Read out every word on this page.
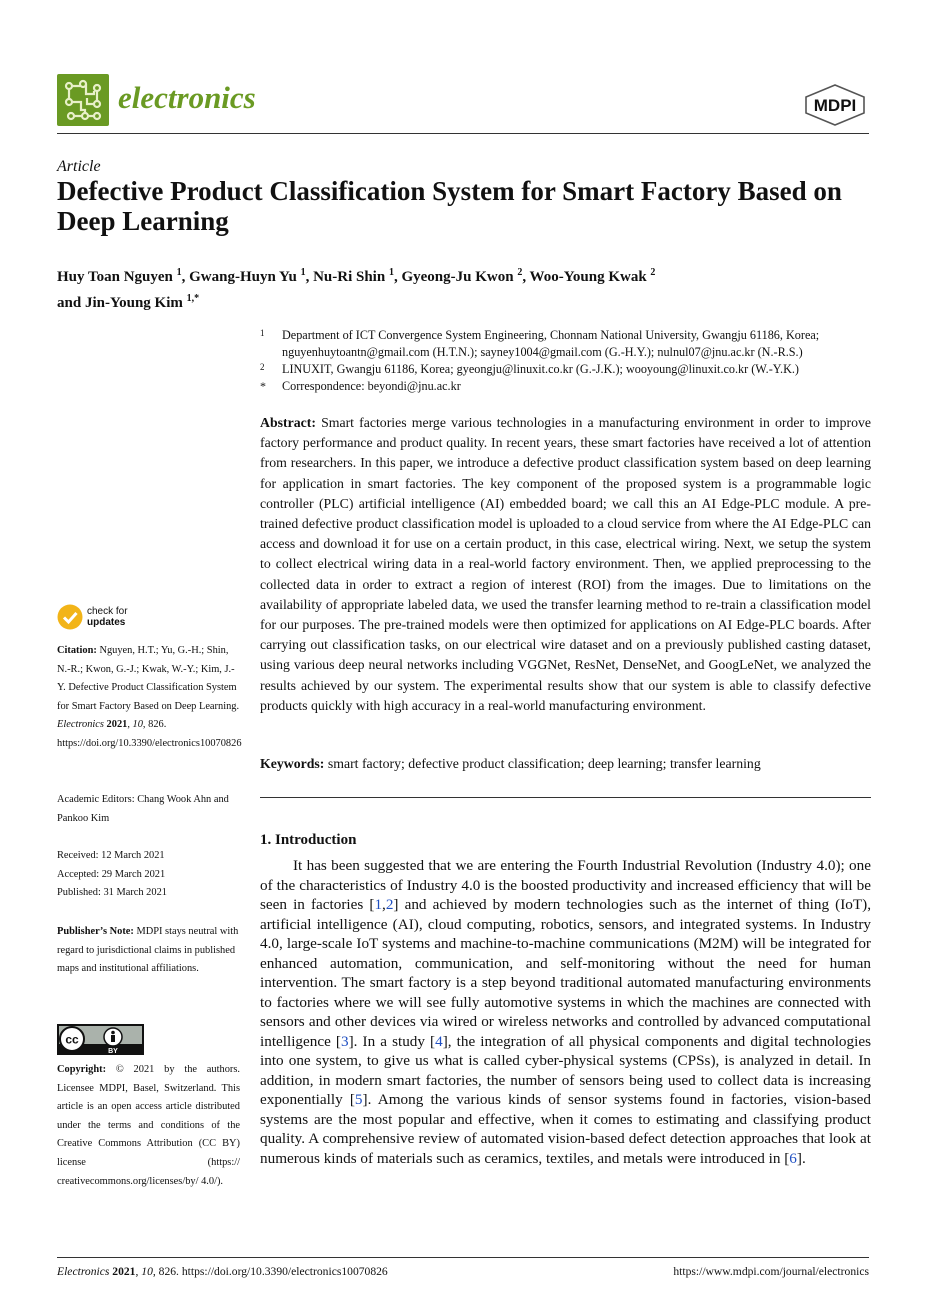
electronics	MDPI
Article
Defective Product Classification System for Smart Factory Based on Deep Learning
Huy Toan Nguyen $^1$, Gwang-Huyn Yu $^1$, Nu-Ri Shin $^1$, Gyeong-Ju Kwon $^2$, Woo-Young Kwak $^2$
and Jin-Young Kim $^{1,*}$
1 Department of ICT Convergence System Engineering, Chonnam National University, Gwangju 61186, Korea; nguyenhuytoantn@gmail.com (H.T.N.); sayney1004@gmail.com (G.-H.Y.); nulnul07@jnu.ac.kr (N.-R.S.)
2 LINUXIT, Gwangju 61186, Korea; gyeongju@linuxit.co.kr (G.-J.K.); wooyoung@linuxit.co.kr (W.-Y.K.)
* Correspondence: beyondi@jnu.ac.kr
Abstract: Smart factories merge various technologies in a manufacturing environment in order to improve factory performance and product quality. In recent years, these smart factories have received a lot of attention from researchers. In this paper, we introduce a defective product classification system based on deep learning for application in smart factories. The key component of the proposed system is a programmable logic controller (PLC) artificial intelligence (AI) embedded board; we call this an AI Edge-PLC module. A pre-trained defective product classification model is uploaded to a cloud service from where the AI Edge-PLC can access and download it for use on a certain product, in this case, electrical wiring. Next, we setup the system to collect electrical wiring data in a real-world factory environment. Then, we applied preprocessing to the collected data in order to extract a region of interest (ROI) from the images. Due to limitations on the availability of appropriate labeled data, we used the transfer learning method to re-train a classification model for our purposes. The pre-trained models were then optimized for applications on AI Edge-PLC boards. After carrying out classification tasks, on our electrical wire dataset and on a previously published casting dataset, using various deep neural networks including VGGNet, ResNet, DenseNet, and GoogLeNet, we analyzed the results achieved by our system. The experimental results show that our system is able to classify defective products quickly with high accuracy in a real-world manufacturing environment.
Keywords: smart factory; defective product classification; deep learning; transfer learning
1. Introduction
It has been suggested that we are entering the Fourth Industrial Revolution (Industry 4.0); one of the characteristics of Industry 4.0 is the boosted productivity and increased efficiency that will be seen in factories [1,2] and achieved by modern technologies such as the internet of thing (IoT), artificial intelligence (AI), cloud computing, robotics, sensors, and integrated systems. In Industry 4.0, large-scale IoT systems and machine-to-machine communications (M2M) will be integrated for enhanced automation, communication, and self-monitoring without the need for human intervention. The smart factory is a step beyond traditional automated manufacturing environments to factories where we will see fully automotive systems in which the machines are connected with sensors and other devices via wired or wireless networks and controlled by advanced computational intelligence [3]. In a study [4], the integration of all physical components and digital technologies into one system, to give us what is called cyber-physical systems (CPSs), is analyzed in detail. In addition, in modern smart factories, the number of sensors being used to collect data is increasing exponentially [5]. Among the various kinds of sensor systems found in factories, vision-based systems are the most popular and effective, when it comes to estimating and classifying product quality. A comprehensive review of automated vision-based defect detection approaches that look at numerous kinds of materials such as ceramics, textiles, and metals were introduced in [6].
check for
updates
Citation: Nguyen, H.T.; Yu, G.-H.; Shin, N.-R.; Kwon, G.-J.; Kwak, W.-Y.; Kim, J.-Y. Defective Product Classification System for Smart Factory Based on Deep Learning. Electronics 2021, 10, 826. https://doi.org/10.3390/electronics10070826
Academic Editors: Chang Wook Ahn and Pankoo Kim
Received: 12 March 2021
Accepted: 29 March 2021
Published: 31 March 2021
Publisher’s Note: MDPI stays neutral with regard to jurisdictional claims in published maps and institutional affiliations.
cc
BY
Copyright: © 2021 by the authors. Licensee MDPI, Basel, Switzerland. This article is an open access article distributed under the terms and conditions of the Creative Commons Attribution (CC BY) license (https:// creativecommons.org/licenses/by/ 4.0/).
Electronics 2021, 10, 826. https://doi.org/10.3390/electronics10070826	https://www.mdpi.com/journal/electronics
